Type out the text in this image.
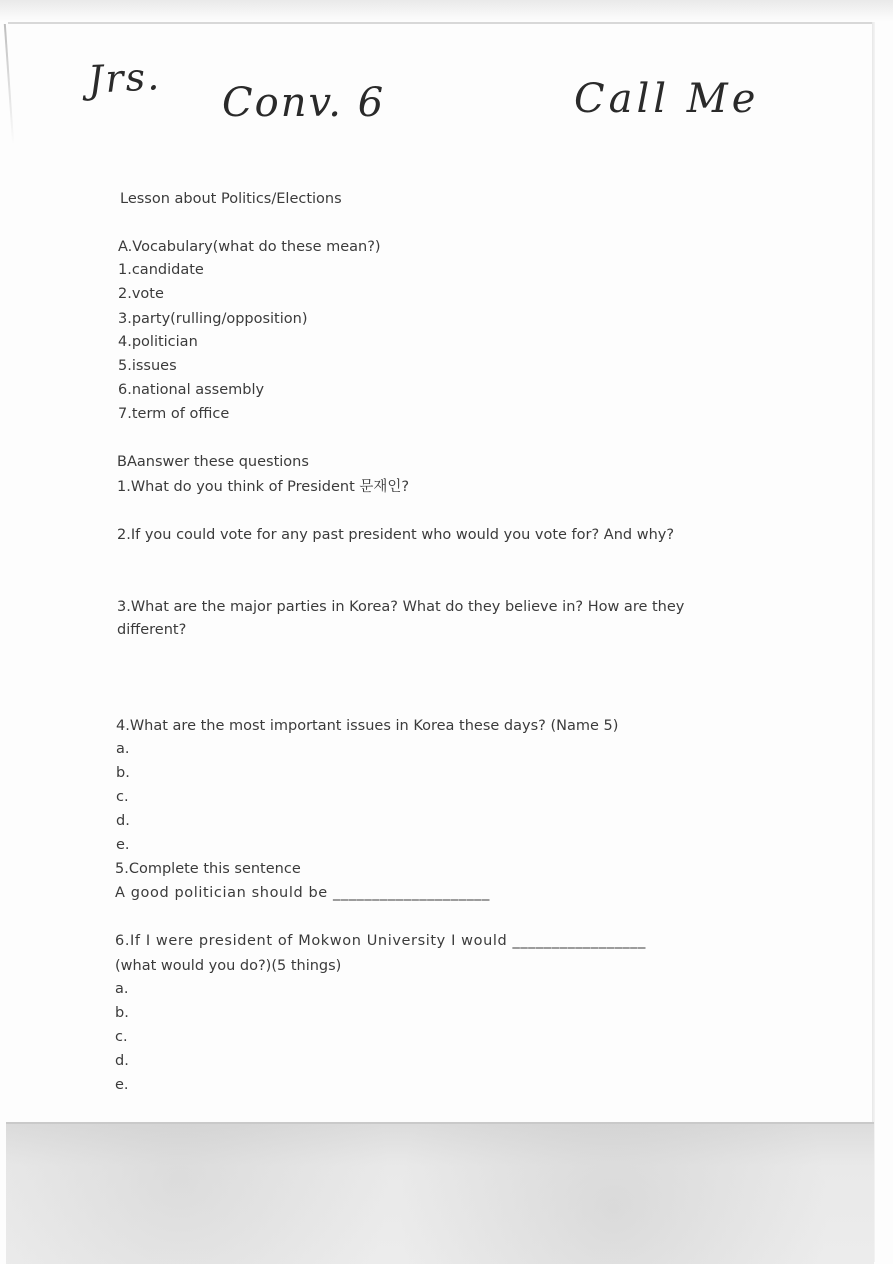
Jrs.
Conv. 6	Call Me

Lesson about Politics/Elections

A.Vocabulary(what do these mean?)

1.candidate

2.vote

3.party(rulling/opposition)

4.politician

5.issues

6.national assembly

7.term of office

BAanswer these questions

1.What do you think of President 문재인?

2.If you could vote for any past president who would you vote for? And why?

3.What are the major parties in Korea? What do they believe in? How are they

different?

4.What are the most important issues in Korea these days? (Name 5)

a.

b.

c.

d.

e.

5.Complete this sentence

A good politician should be ____________________

6.If I were president of Mokwon University I would _________________

(what would you do?)(5 things)

a.

b.

c.

d.

e.
